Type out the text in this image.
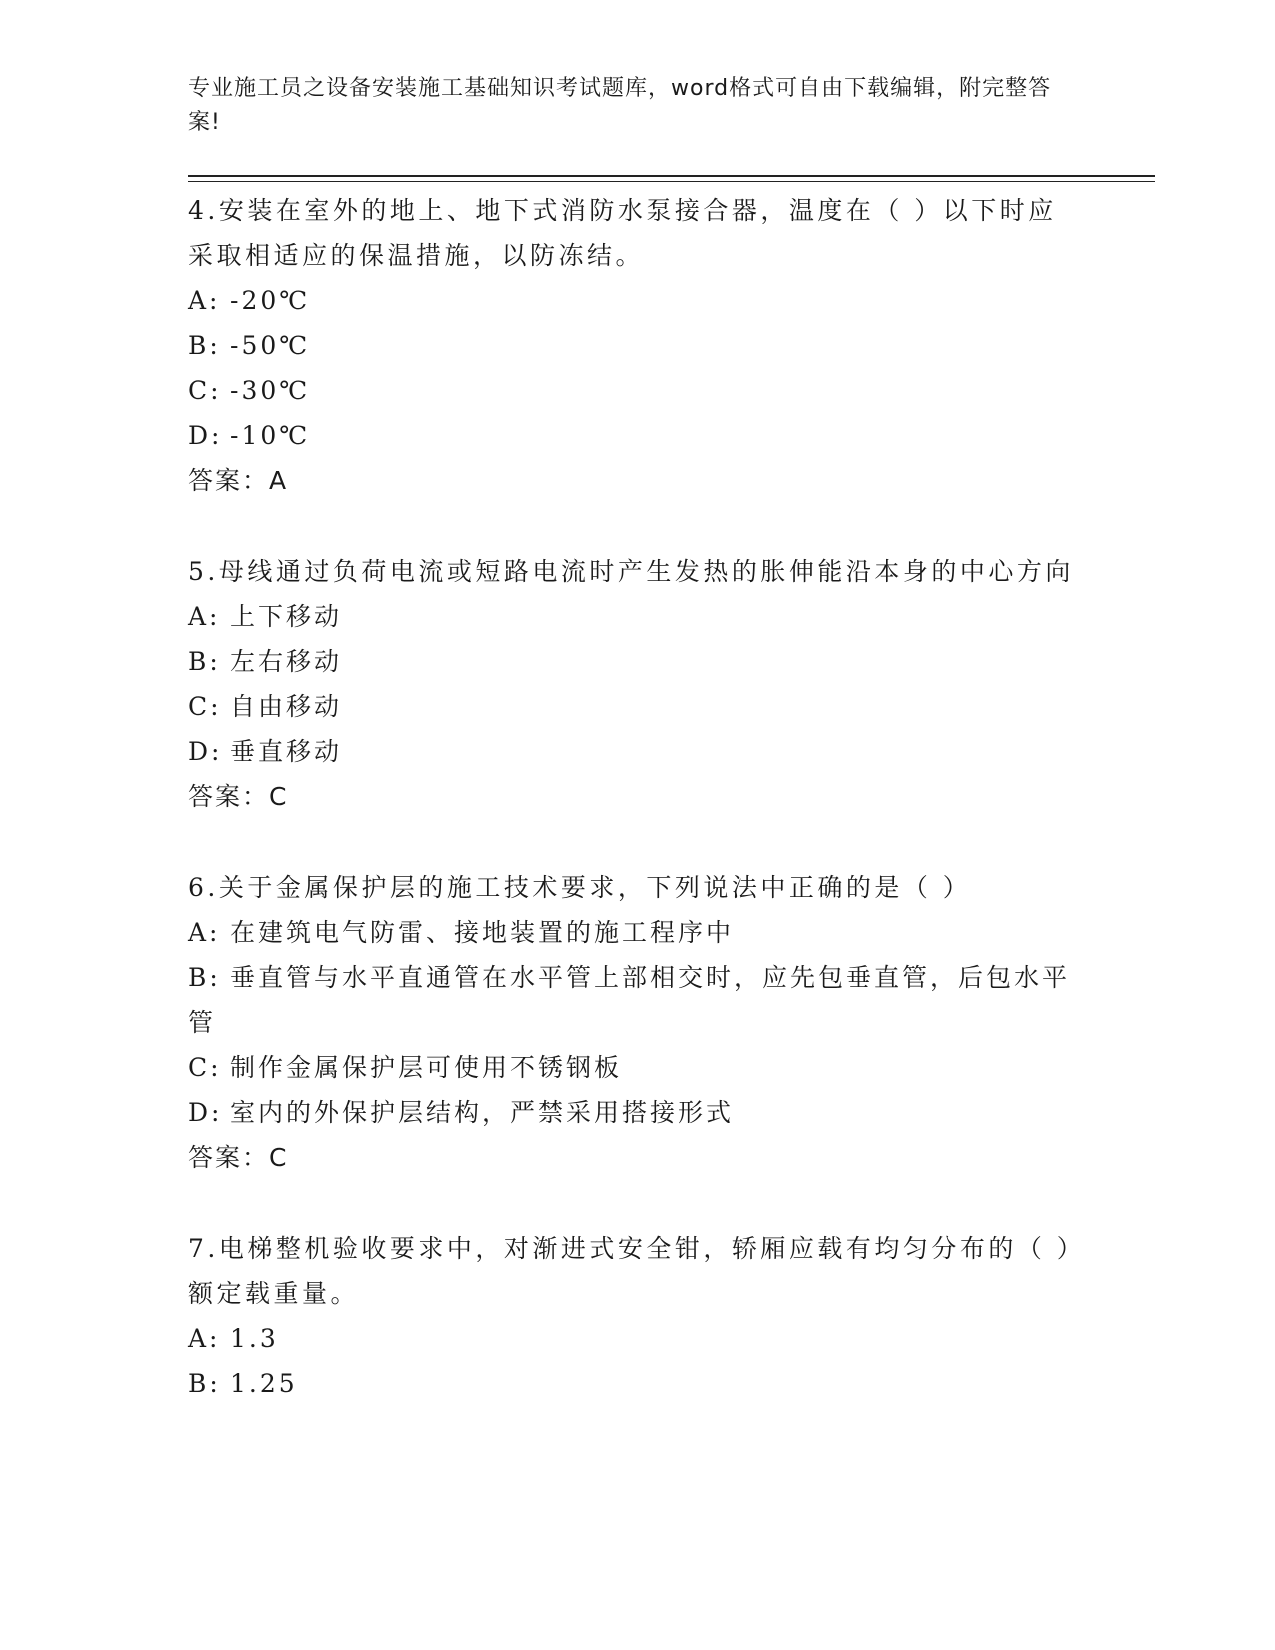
专业施工员之设备安装施工基础知识考试题库，word格式可自由下载编辑，附完整答案!

4.安装在室外的地上、地下式消防水泵接合器，温度在（ ）以下时应采取相适应的保温措施，以防冻结。

A: -20℃

B: -50℃

C: -30℃

D: -10℃

答案：A

5.母线通过负荷电流或短路电流时产生发热的胀伸能沿本身的中心方向

A: 上下移动

B: 左右移动

C: 自由移动

D: 垂直移动

答案：C

6.关于金属保护层的施工技术要求，下列说法中正确的是（ ）

A: 在建筑电气防雷、接地装置的施工程序中

B: 垂直管与水平直通管在水平管上部相交时，应先包垂直管，后包水平管

C: 制作金属保护层可使用不锈钢板

D: 室内的外保护层结构，严禁采用搭接形式

答案：C

7.电梯整机验收要求中，对渐进式安全钳，轿厢应载有均匀分布的（ ）额定载重量。

A: 1.3

B: 1.25
